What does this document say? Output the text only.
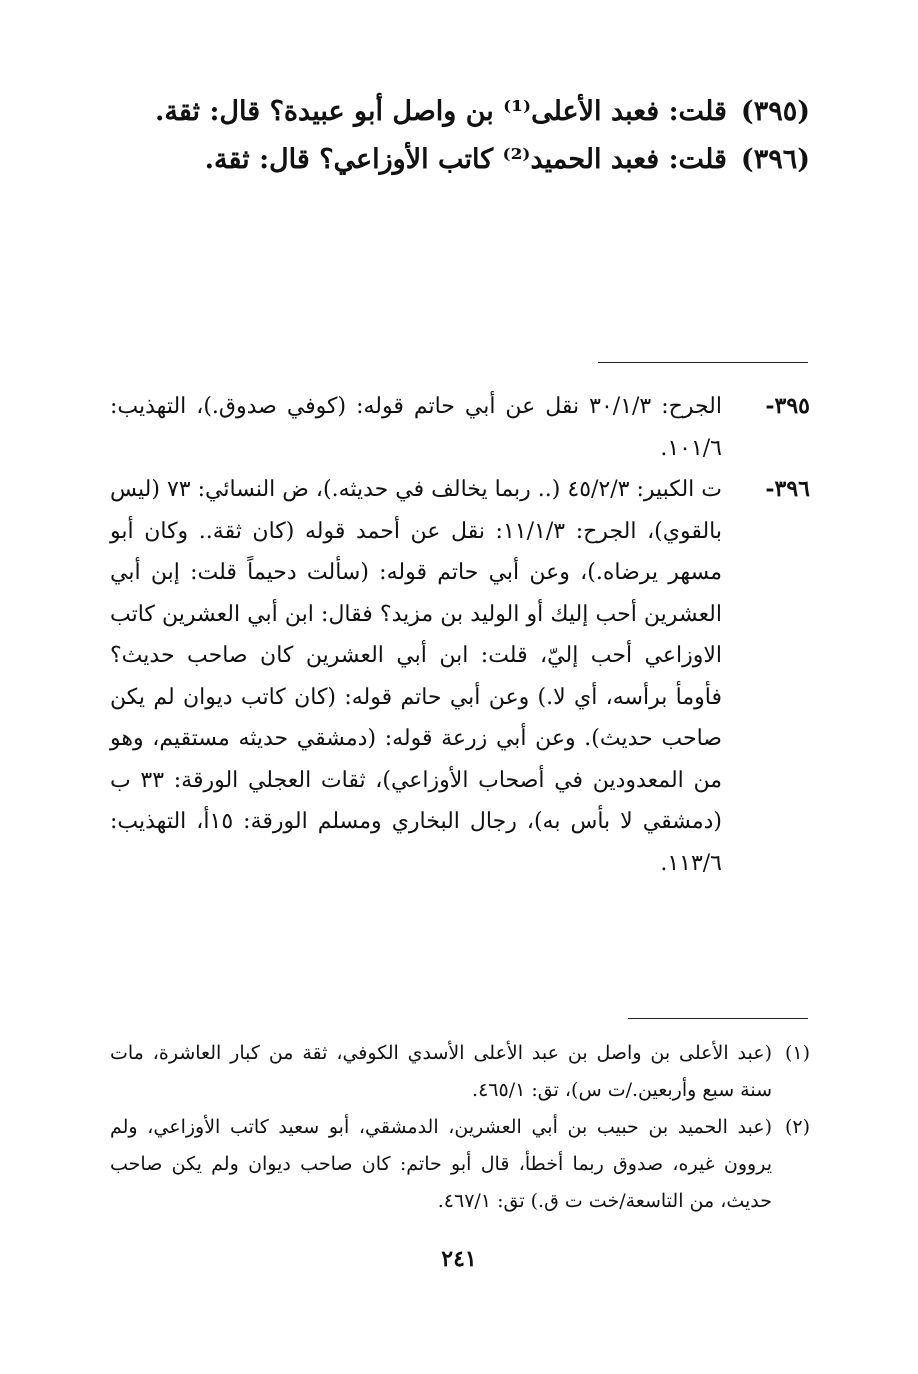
(٣٩٥)قلت: فعبد الأعلى⁽¹⁾ بن واصل أبو عبيدة؟ قال: ثقة.
(٣٩٦)قلت: فعبد الحميد⁽²⁾ كاتب الأوزاعي؟ قال: ثقة.
٣٩٥-
الجرح: ٣٠/١/٣ نقل عن أبي حاتم قوله: (كوفي صدوق.)، التهذيب: ١٠١/٦.
٣٩٦-
ت الكبير: ٤٥/٢/٣ (.. ربما يخالف في حديثه.)، ض النسائي: ٧٣ (ليس بالقوي)، الجرح: ١١/١/٣: نقل عن أحمد قوله (كان ثقة.. وكان أبو مسهر يرضاه.)، وعن أبي حاتم قوله: (سألت دحيماً قلت: إبن أبي العشرين أحب إليك أو الوليد بن مزيد؟ فقال: ابن أبي العشرين كاتب الاوزاعي أحب إليّ، قلت: ابن أبي العشرين كان صاحب حديث؟ فأومأ برأسه، أي لا.) وعن أبي حاتم قوله: (كان كاتب ديوان لم يكن صاحب حديث). وعن أبي زرعة قوله: (دمشقي حديثه مستقيم، وهو من المعدودين في أصحاب الأوزاعي)، ثقات العجلي الورقة: ٣٣ ب (دمشقي لا بأس به)، رجال البخاري ومسلم الورقة: ١٥أ، التهذيب: ١١٣/٦.
(١)
(عبد الأعلى بن واصل بن عبد الأعلى الأسدي الكوفي، ثقة من كبار العاشرة، مات سنة سبع وأربعين./ت س)، تق: ٤٦٥/١.
(٢)
(عبد الحميد بن حبيب بن أبي العشرين، الدمشقي، أبو سعيد كاتب الأوزاعي، ولم يروون غيره، صدوق ربما أخطأ، قال أبو حاتم: كان صاحب ديوان ولم يكن صاحب حديث، من التاسعة/خت ت ق.) تق: ٤٦٧/١.
٢٤١
